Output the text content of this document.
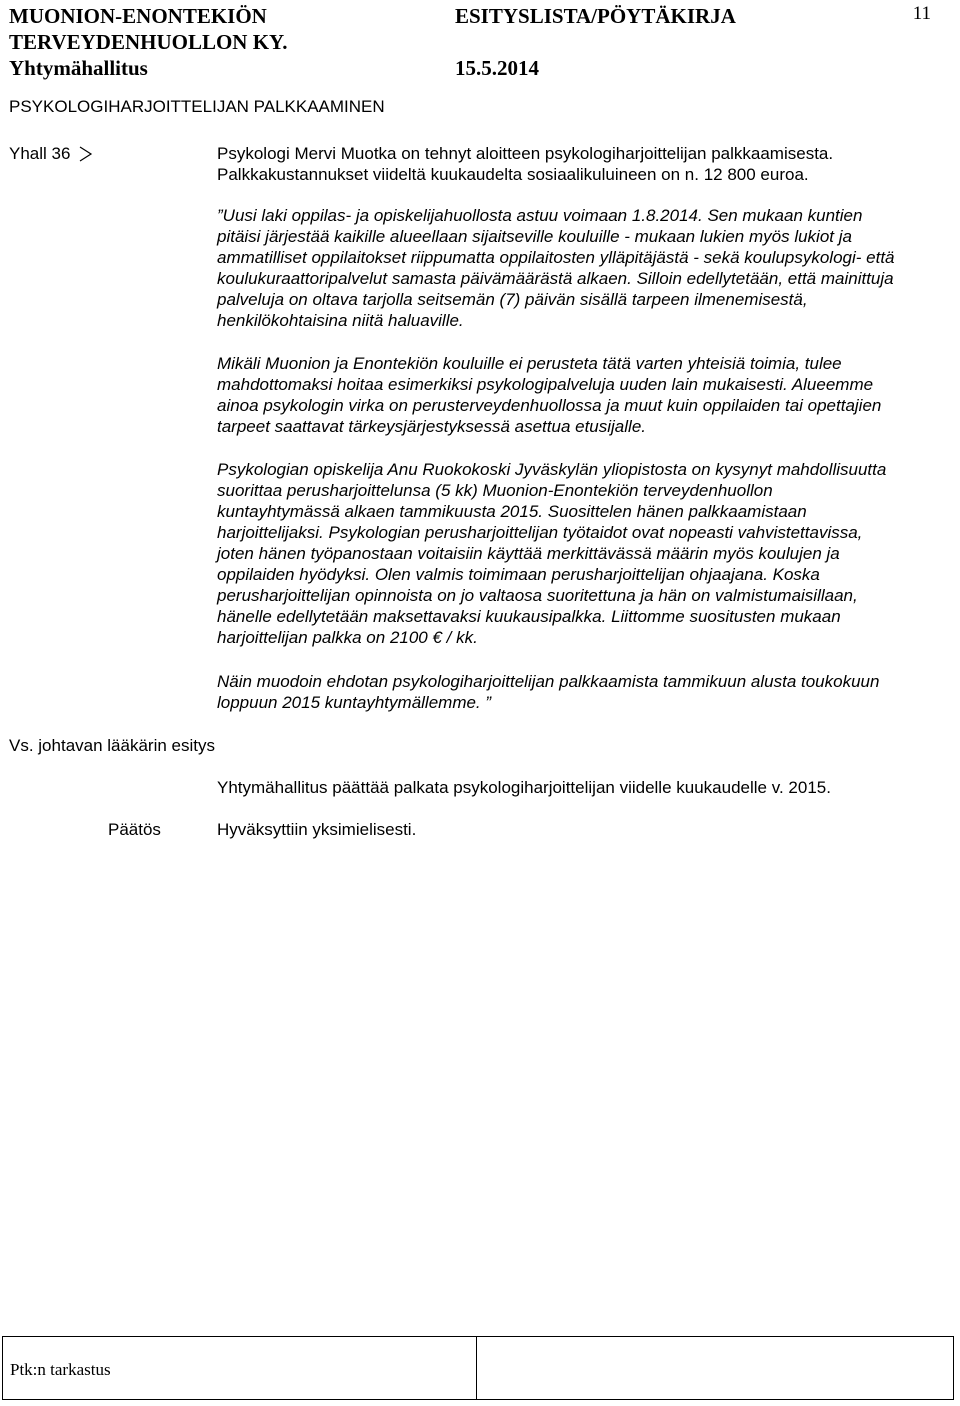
MUONION-ENONTEKIÖN
TERVEYDENHUOLLON KY.
Yhtymähallitus
ESITYSLISTA/PÖYTÄKIRJA
15.5.2014
11
PSYKOLOGIHARJOITTELIJAN PALKKAAMINEN
Yhall 36	Psykologi Mervi Muotka on tehnyt aloitteen psykologiharjoittelijan palkkaamisesta.

Palkkakustannukset viideltä kuukaudelta sosiaalikuluineen on n. 12 800 euroa.

”Uusi laki oppilas- ja opiskelijahuollosta astuu voimaan 1.8.2014. Sen mukaan kuntien pitäisi järjestää kaikille alueellaan sijaitseville kouluille - mukaan lukien myös lukiot ja ammatilliset oppilaitokset riippumatta oppilaitosten ylläpitäjästä - sekä koulupsykologi- että koulukuraattoripalvelut samasta päivämäärästä alkaen. Silloin edellytetään, että mainittuja palveluja on oltava tarjolla seitsemän (7) päivän sisällä tarpeen ilmenemisestä, henkilökohtaisina niitä haluaville.

Mikäli Muonion ja Enontekiön kouluille ei perusteta tätä varten yhteisiä toimia, tulee mahdottomaksi hoitaa esimerkiksi psykologipalveluja uuden lain mukaisesti. Alueemme ainoa psykologin virka on perusterveydenhuollossa ja muut kuin oppilaiden tai opettajien tarpeet saattavat tärkeysjärjestyksessä asettua etusijalle.

Psykologian opiskelija Anu Ruokokoski Jyväskylän yliopistosta on kysynyt mahdollisuutta suorittaa perusharjoittelunsa (5 kk) Muonion-Enontekiön terveydenhuollon kuntayhtymässä alkaen tammikuusta 2015. Suosittelen hänen palkkaamistaan harjoittelijaksi. Psykologian perusharjoittelijan työtaidot ovat nopeasti vahvistettavissa, joten hänen työpanostaan voitaisiin käyttää merkittävässä määrin myös koulujen ja oppilaiden hyödyksi. Olen valmis toimimaan perusharjoittelijan ohjaajana. Koska perusharjoittelijan opinnoista on jo valtaosa suoritettuna ja hän on valmistumaisillaan, hänelle edellytetään maksettavaksi kuukausipalkka. Liittomme suositusten mukaan harjoittelijan palkka on 2100 € / kk.

Näin muodoin ehdotan psykologiharjoittelijan palkkaamista tammikuun alusta toukokuun loppuun 2015 kuntayhtymällemme. ”

Vs. johtavan lääkärin esitys

Yhtymähallitus päättää palkata psykologiharjoittelijan viidelle kuukaudelle v. 2015.

Päätös	Hyväksyttiin yksimielisesti.

Ptk:n tarkastus
